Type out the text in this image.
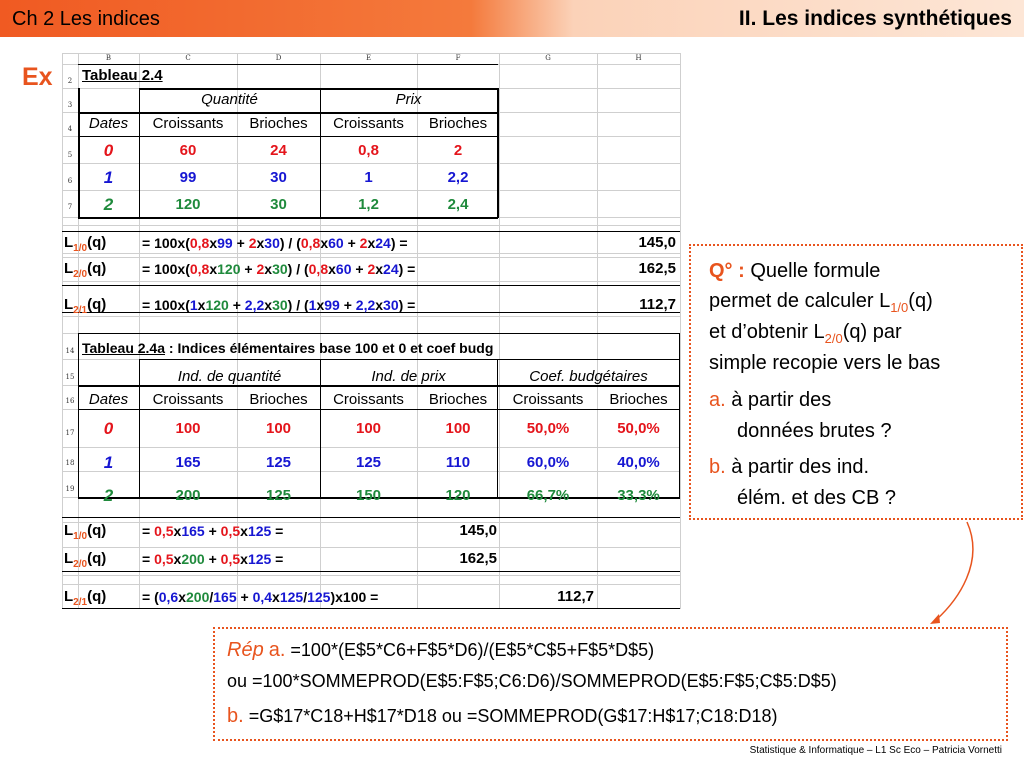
Ch 2 Les indices	II. Les indices synthétiques
Ex
B	C	D	E	F	G	H
2
3
4
5
6
7
14
15
16
17
18
19
Tableau 2.4
Quantité	Prix
Dates	Croissants	Brioches	Croissants	Brioches
0	60	24	0,8	2
1	99	30	1	2,2
2	120	30	1,2	2,4
$L_{1/0}(q)$	= 100x(0,8x99 + 2x30) / (0,8x60 + 2x24) =	145,0
$L_{2/0}(q)$	= 100x(0,8x120 + 2x30) / (0,8x60 + 2x24) =	162,5
$L_{2/1}(q)$	= 100x(1x120 + 2,2x30) / (1x99 + 2,2x30) =	112,7
Tableau 2.4a : Indices élémentaires base 100 et 0 et coef budg
Ind. de quantité	Ind. de prix	Coef. budgétaires
Dates	Croissants	Brioches	Croissants	Brioches	Croissants	Brioches
0	100	100	100	100	50,0%	50,0%
1	165	125	125	110	60,0%	40,0%
2	200	125	150	120	66,7%	33,3%
$L_{1/0}(q)$	= 0,5x165 + 0,5x125 =	145,0
$L_{2/0}(q)$	= 0,5x200 + 0,5x125 =	162,5
$L_{2/1}(q)$	= (0,6x200/165 + 0,4x125/125)x100 =	112,7
Q° : Quelle formule
permet de calculer $L_{1/0}(q)$
et d’obtenir $L_{2/0}(q)$ par
simple recopie vers le bas
a. à partir des
données brutes ?
b. à partir des ind.
élém. et des CB ?
Rép a. =100*(E$5*C6+F$5*D6)/(E$5*C$5+F$5*D$5)
ou =100*SOMMEPROD(E$5:F$5;C6:D6)/SOMMEPROD(E$5:F$5;C$5:D$5)
b. =G$17*C18+H$17*D18 ou =SOMMEPROD(G$17:H$17;C18:D18)
Statistique & Informatique – L1 Sc Eco – Patricia Vornetti
